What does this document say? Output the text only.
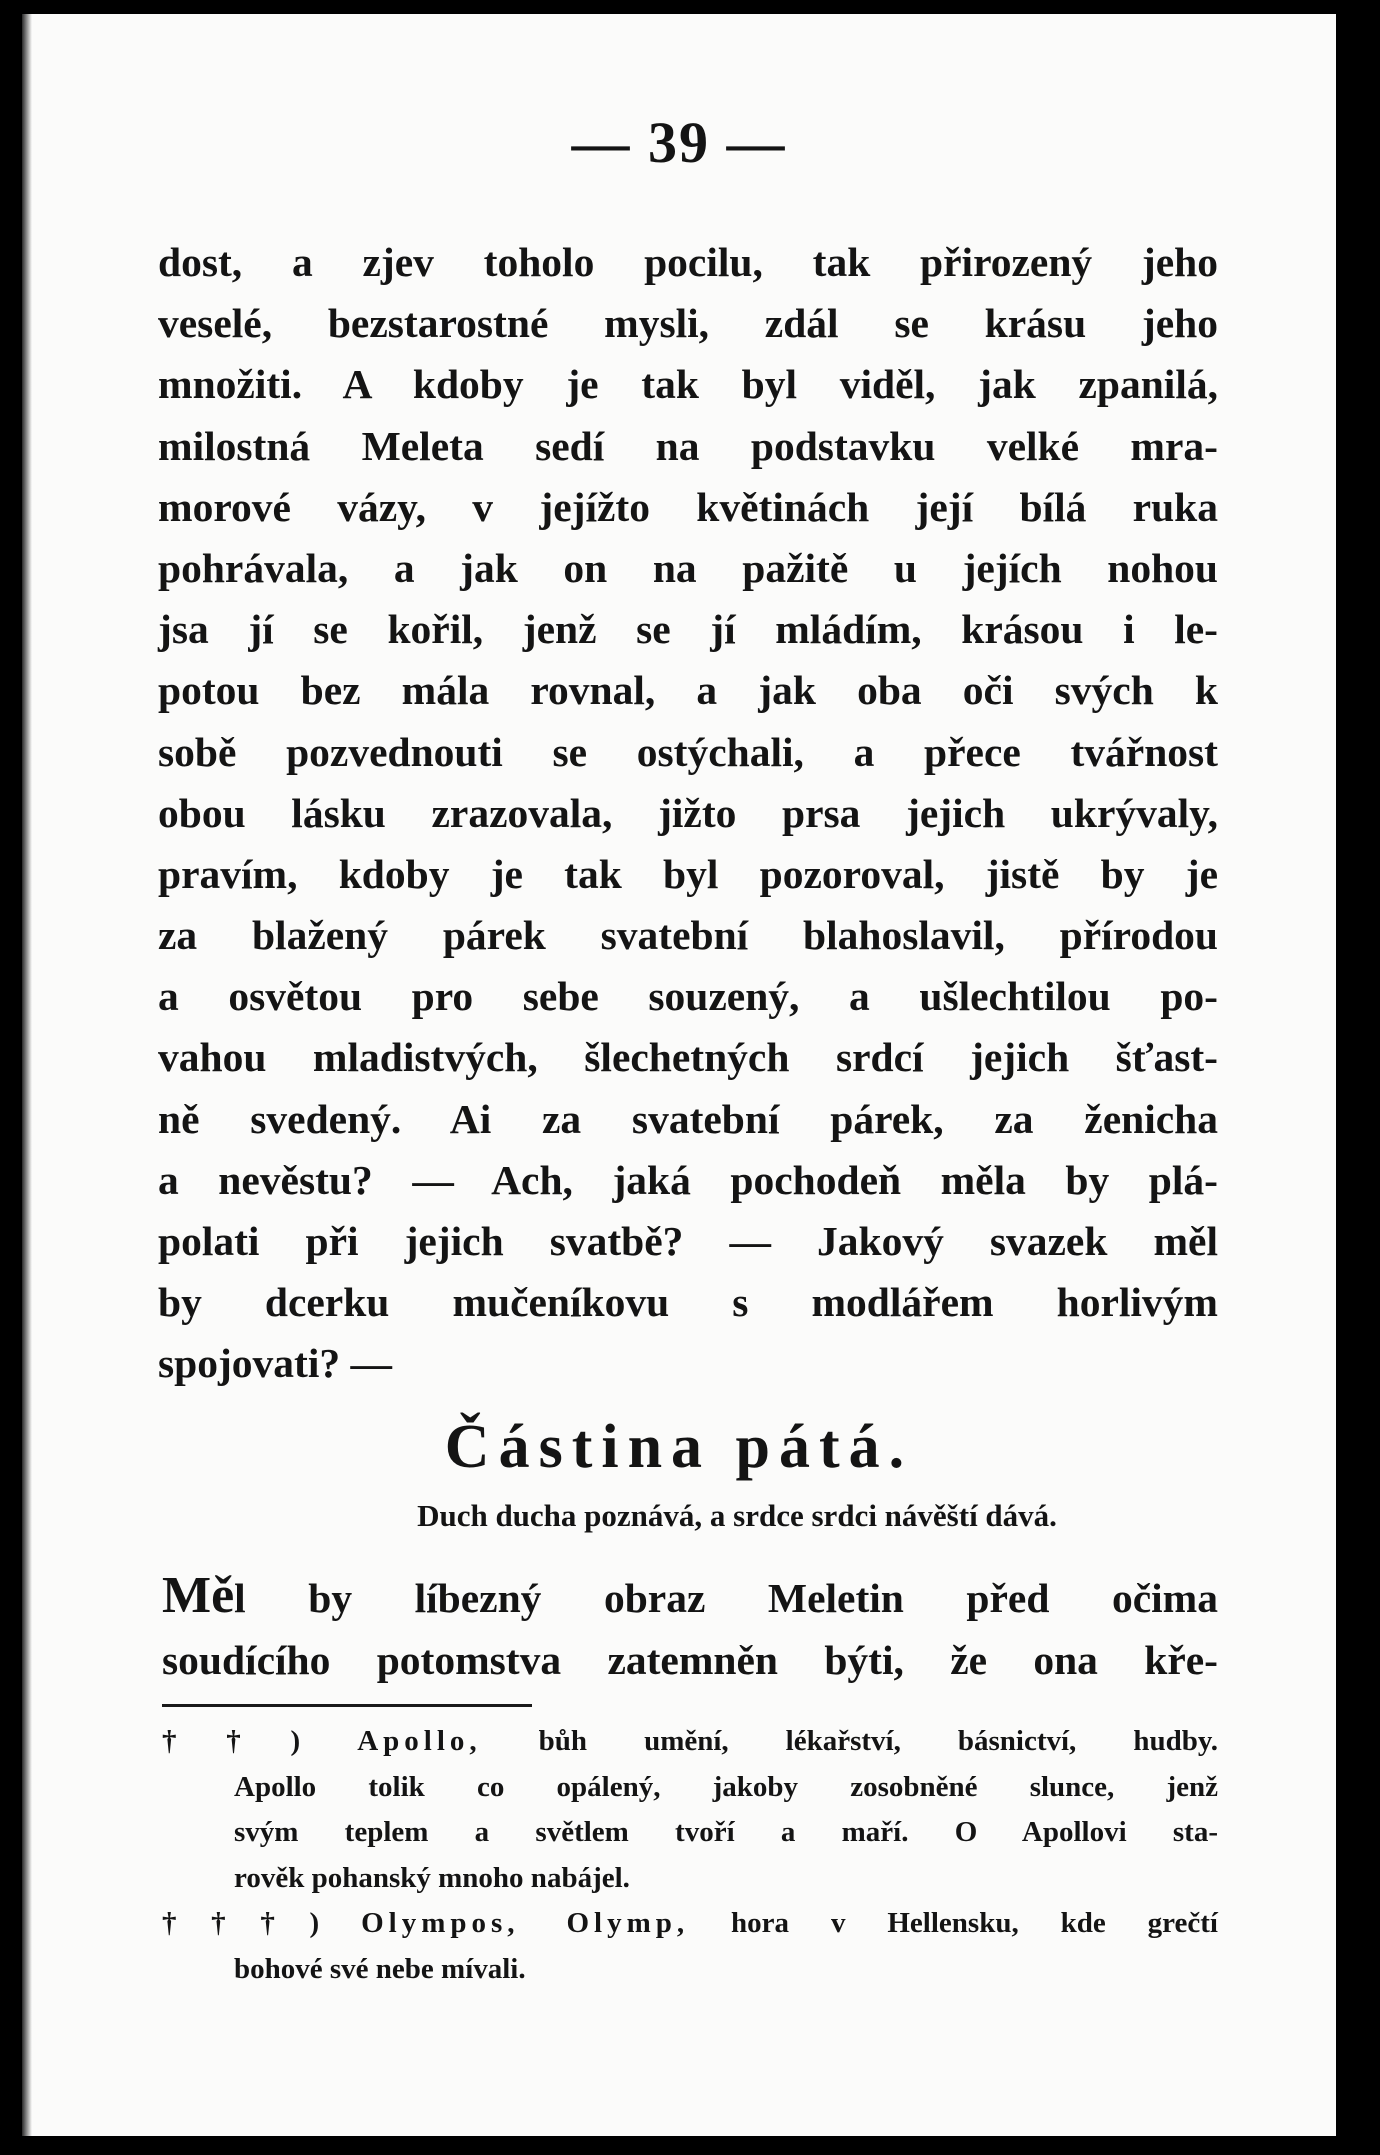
— 39 —
dost, a zjev toholo pocilu, tak přirozený jeho
veselé, bezstarostné mysli, zdál se krásu jeho
množiti. A kdoby je tak byl viděl, jak zpanilá,
milostná Meleta sedí na podstavku velké mra-
morové vázy, v jejížto květinách její bílá ruka
pohrávala, a jak on na pažitě u jejích nohou
jsa jí se kořil, jenž se jí mládím, krásou i le-
potou bez mála rovnal, a jak oba oči svých k
sobě pozvednouti se ostýchali, a přece tvářnost
obou lásku zrazovala, jižto prsa jejich ukrývaly,
pravím, kdoby je tak byl pozoroval, jistě by je
za blažený párek svatební blahoslavil, přírodou
a osvětou pro sebe souzený, a ušlechtilou po-
vahou mladistvých, šlechetných srdcí jejich šťast-
ně svedený. Ai za svatební párek, za ženicha
a nevěstu? — Ach, jaká pochodeň měla by plá-
polati při jejich svatbě? — Jakový svazek měl
by dcerku mučeníkovu s modlářem horlivým
spojovati? —
Částina pátá.
Duch ducha poznává, a srdce srdci návěští dává.
Měl by líbezný obraz Meletin před očima
soudícího potomstva zatemněn býti, že ona kře-
††) Apollo, bůh umění, lékařství, básnictví, hudby.
Apollo tolik co opálený, jakoby zosobněné slunce, jenž
svým teplem a světlem tvoří a maří. O Apollovi sta-
rověk pohanský mnoho nabájel.
†††) Olympos, Olymp, hora v Hellensku, kde grečtí
bohové své nebe mívali.
